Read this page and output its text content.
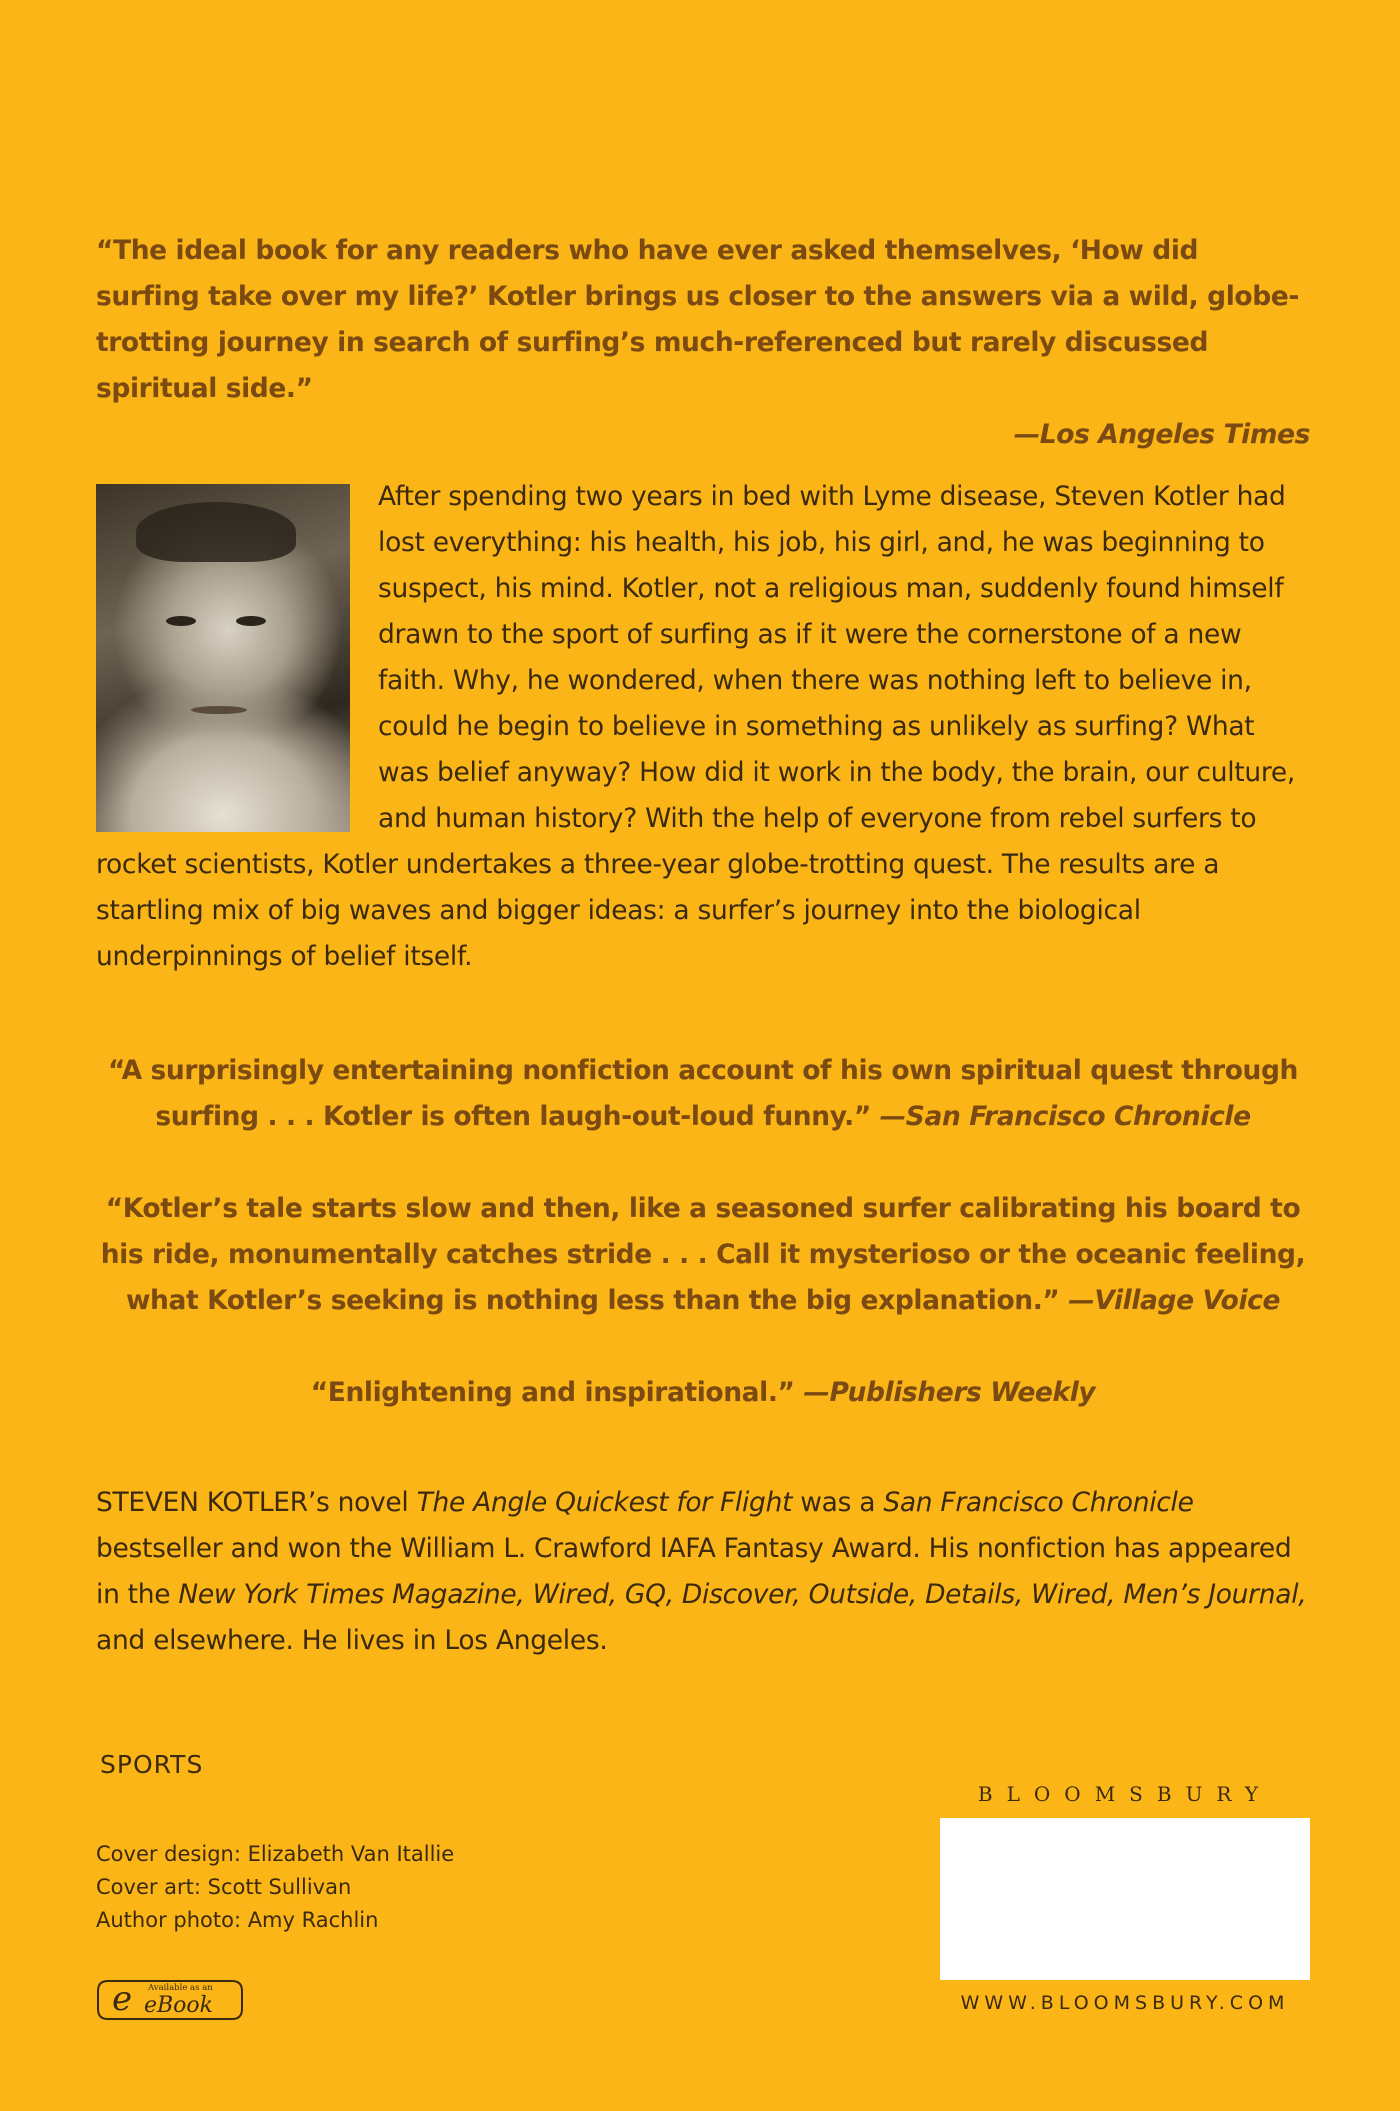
“The ideal book for any readers who have ever asked themselves, ‘How did surfing take over my life?’ Kotler brings us closer to the answers via a wild, globe-trotting journey in search of surfing’s much-referenced but rarely discussed spiritual side.”
—Los Angeles Times
After spending two years in bed with Lyme disease, Steven Kotler had lost everything: his health, his job, his girl, and, he was beginning to suspect, his mind. Kotler, not a religious man, suddenly found himself drawn to the sport of surfing as if it were the cornerstone of a new faith. Why, he wondered, when there was nothing left to believe in, could he begin to believe in something as unlikely as surfing? What was belief anyway? How did it work in the body, the brain, our culture, and human history? With the help of everyone from rebel surfers to rocket scientists, Kotler undertakes a three-year globe-trotting quest. The results are a startling mix of big waves and bigger ideas: a surfer’s journey into the biological underpinnings of belief itself.
“A surprisingly entertaining nonfiction account of his own spiritual quest through surfing . . . Kotler is often laugh-out-loud funny.” —San Francisco Chronicle
“Kotler’s tale starts slow and then, like a seasoned surfer calibrating his board to his ride, monumentally catches stride . . . Call it mysterioso or the oceanic feeling, what Kotler’s seeking is nothing less than the big explanation.” —Village Voice
“Enlightening and inspirational.” —Publishers Weekly
STEVEN KOTLER’s novel The Angle Quickest for Flight was a San Francisco Chronicle bestseller and won the William L. Crawford IAFA Fantasy Award. His nonfiction has appeared in the New York Times Magazine, Wired, GQ, Discover, Outside, Details, Wired, Men’s Journal, and elsewhere. He lives in Los Angeles.
SPORTS
Cover design: Elizabeth Van Itallie
Cover art: Scott Sullivan
Author photo: Amy Rachlin
e Available as an
eBook
BLOOMSBURY
WWW.BLOOMSBURY.COM
